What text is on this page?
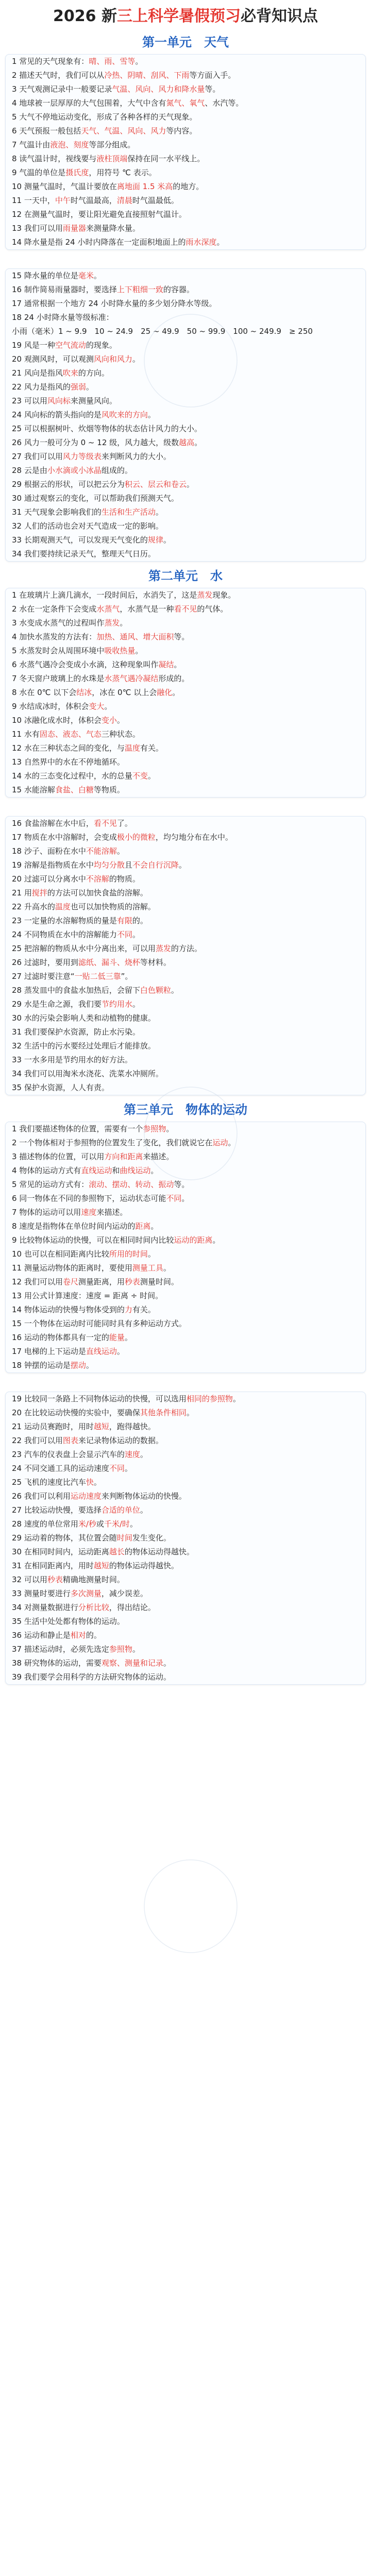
2026 新三上科学暑假预习必背知识点
第一单元　天气
1 常见的天气现象有：晴、雨、雪等。
2 描述天气时，我们可以从冷热、阴晴、刮风、下雨等方面入手。
3 天气观测记录中一般要记录气温、风向、风力和降水量等。
4 地球被一层厚厚的大气包围着，大气中含有氮气、氧气、水汽等。
5 大气不停地运动变化，形成了各种各样的天气现象。
6 天气预报一般包括天气、气温、风向、风力等内容。
7 气温计由液泡、刻度等部分组成。
8 读气温计时，视线要与液柱顶端保持在同一水平线上。
9 气温的单位是摄氏度，用符号 ℃ 表示。
10 测量气温时，气温计要放在离地面 1.5 米高的地方。
11 一天中，中午时气温最高，清晨时气温最低。
12 在测量气温时，要让阳光避免直接照射气温计。
13 我们可以用雨量器来测量降水量。
14 降水量是指 24 小时内降落在一定面积地面上的雨水深度。
15 降水量的单位是毫米。
16 制作简易雨量器时，要选择上下粗细一致的容器。
17 通常根据一个地方 24 小时降水量的多少划分降水等级。
18 24 小时降水量等级标准：
小雨（毫米）1 ~ 9.9　10 ~ 24.9　25 ~ 49.9　50 ~ 99.9　100 ~ 249.9　≥ 250
19 风是一种空气流动的现象。
20 观测风时，可以观测风向和风力。
21 风向是指风吹来的方向。
22 风力是指风的强弱。
23 可以用风向标来测量风向。
24 风向标的箭头指向的是风吹来的方向。
25 可以根据树叶、炊烟等物体的状态估计风力的大小。
26 风力一般可分为 0 ~ 12 级，风力越大，级数越高。
27 我们可以用风力等级表来判断风力的大小。
28 云是由小水滴或小冰晶组成的。
29 根据云的形状，可以把云分为积云、层云和卷云。
30 通过观察云的变化，可以帮助我们预测天气。
31 天气现象会影响我们的生活和生产活动。
32 人们的活动也会对天气造成一定的影响。
33 长期观测天气，可以发现天气变化的规律。
34 我们要持续记录天气，整理天气日历。
第二单元　水
1 在玻璃片上滴几滴水，一段时间后，水消失了，这是蒸发现象。
2 水在一定条件下会变成水蒸气，水蒸气是一种看不见的气体。
3 水变成水蒸气的过程叫作蒸发。
4 加快水蒸发的方法有：加热、通风、增大面积等。
5 水蒸发时会从周围环境中吸收热量。
6 水蒸气遇冷会变成小水滴，这种现象叫作凝结。
7 冬天窗户玻璃上的水珠是水蒸气遇冷凝结形成的。
8 水在 0℃ 以下会结冰，冰在 0℃ 以上会融化。
9 水结成冰时，体积会变大。
10 冰融化成水时，体积会变小。
11 水有固态、液态、气态三种状态。
12 水在三种状态之间的变化，与温度有关。
13 自然界中的水在不停地循环。
14 水的三态变化过程中，水的总量不变。
15 水能溶解食盐、白糖等物质。
16 食盐溶解在水中后，看不见了。
17 物质在水中溶解时，会变成极小的微粒，均匀地分布在水中。
18 沙子、面粉在水中不能溶解。
19 溶解是指物质在水中均匀分散且不会自行沉降。
20 过滤可以分离水中不溶解的物质。
21 用搅拌的方法可以加快食盐的溶解。
22 升高水的温度也可以加快物质的溶解。
23 一定量的水溶解物质的量是有限的。
24 不同物质在水中的溶解能力不同。
25 把溶解的物质从水中分离出来，可以用蒸发的方法。
26 过滤时，要用到滤纸、漏斗、烧杯等材料。
27 过滤时要注意“一贴二低三靠”。
28 蒸发皿中的食盐水加热后，会留下白色颗粒。
29 水是生命之源，我们要节约用水。
30 水的污染会影响人类和动植物的健康。
31 我们要保护水资源，防止水污染。
32 生活中的污水要经过处理后才能排放。
33 一水多用是节约用水的好方法。
34 我们可以用淘米水浇花、洗菜水冲厕所。
35 保护水资源，人人有责。
第三单元　物体的运动
1 我们要描述物体的位置，需要有一个参照物。
2 一个物体相对于参照物的位置发生了变化，我们就说它在运动。
3 描述物体的位置，可以用方向和距离来描述。
4 物体的运动方式有直线运动和曲线运动。
5 常见的运动方式有：滚动、摆动、转动、振动等。
6 同一物体在不同的参照物下，运动状态可能不同。
7 物体的运动可以用速度来描述。
8 速度是指物体在单位时间内运动的距离。
9 比较物体运动的快慢，可以在相同时间内比较运动的距离。
10 也可以在相同距离内比较所用的时间。
11 测量运动物体的距离时，要使用测量工具。
12 我们可以用卷尺测量距离，用秒表测量时间。
13 用公式计算速度：速度 = 距离 ÷ 时间。
14 物体运动的快慢与物体受到的力有关。
15 一个物体在运动时可能同时具有多种运动方式。
16 运动的物体都具有一定的能量。
17 电梯的上下运动是直线运动。
18 钟摆的运动是摆动。
19 比较同一条路上不同物体运动的快慢，可以选用相同的参照物。
20 在比较运动快慢的实验中，要确保其他条件相同。
21 运动员赛跑时，用时越短，跑得越快。
22 我们可以用图表来记录物体运动的数据。
23 汽车的仪表盘上会显示汽车的速度。
24 不同交通工具的运动速度不同。
25 飞机的速度比汽车快。
26 我们可以利用运动速度来判断物体运动的快慢。
27 比较运动快慢，要选择合适的单位。
28 速度的单位常用米/秒或千米/时。
29 运动着的物体，其位置会随时间发生变化。
30 在相同时间内，运动距离越长的物体运动得越快。
31 在相同距离内，用时越短的物体运动得越快。
32 可以用秒表精确地测量时间。
33 测量时要进行多次测量，减少误差。
34 对测量数据进行分析比较，得出结论。
35 生活中处处都有物体的运动。
36 运动和静止是相对的。
37 描述运动时，必须先选定参照物。
38 研究物体的运动，需要观察、测量和记录。
39 我们要学会用科学的方法研究物体的运动。
